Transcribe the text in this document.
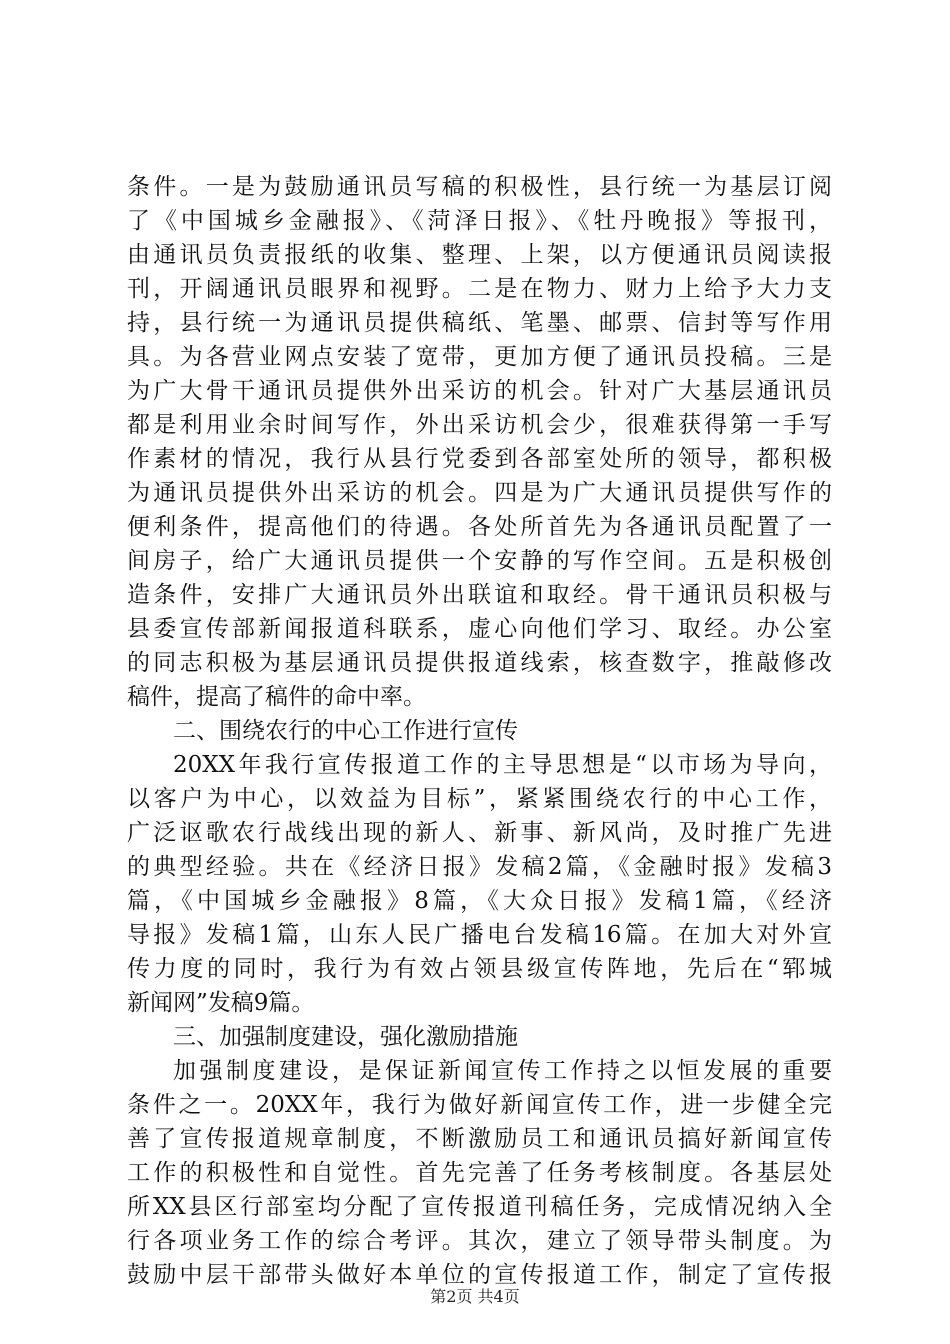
条件。一是为鼓励通讯员写稿的积极性，县行统一为基层订阅
了《中国城乡金融报》、《菏泽日报》、《牡丹晚报》等报刊，
由通讯员负责报纸的收集、整理、上架，以方便通讯员阅读报
刊，开阔通讯员眼界和视野。二是在物力、财力上给予大力支
持，县行统一为通讯员提供稿纸、笔墨、邮票、信封等写作用
具。为各营业网点安装了宽带，更加方便了通讯员投稿。三是
为广大骨干通讯员提供外出采访的机会。针对广大基层通讯员
都是利用业余时间写作，外出采访机会少，很难获得第一手写
作素材的情况，我行从县行党委到各部室处所的领导，都积极
为通讯员提供外出采访的机会。四是为广大通讯员提供写作的
便利条件，提高他们的待遇。各处所首先为各通讯员配置了一
间房子，给广大通讯员提供一个安静的写作空间。五是积极创
造条件，安排广大通讯员外出联谊和取经。骨干通讯员积极与
县委宣传部新闻报道科联系，虚心向他们学习、取经。办公室
的同志积极为基层通讯员提供报道线索，核查数字，推敲修改
稿件，提高了稿件的命中率。
二、围绕农行的中心工作进行宣传
20XX年我行宣传报道工作的主导思想是“以市场为导向，
以客户为中心，以效益为目标”，紧紧围绕农行的中心工作，
广泛讴歌农行战线出现的新人、新事、新风尚，及时推广先进
的典型经验。共在《经济日报》发稿2篇，《金融时报》发稿3
篇，《中国城乡金融报》8篇，《大众日报》发稿1篇，《经济
导报》发稿1篇，山东人民广播电台发稿16篇。在加大对外宣
传力度的同时，我行为有效占领县级宣传阵地，先后在“郓城
新闻网”发稿9篇。
三、加强制度建设，强化激励措施
加强制度建设，是保证新闻宣传工作持之以恒发展的重要
条件之一。20XX年，我行为做好新闻宣传工作，进一步健全完
善了宣传报道规章制度，不断激励员工和通讯员搞好新闻宣传
工作的积极性和自觉性。首先完善了任务考核制度。各基层处
所XX县区行部室均分配了宣传报道刊稿任务，完成情况纳入全
行各项业务工作的综合考评。其次，建立了领导带头制度。为
鼓励中层干部带头做好本单位的宣传报道工作，制定了宣传报
第2页 共4页
